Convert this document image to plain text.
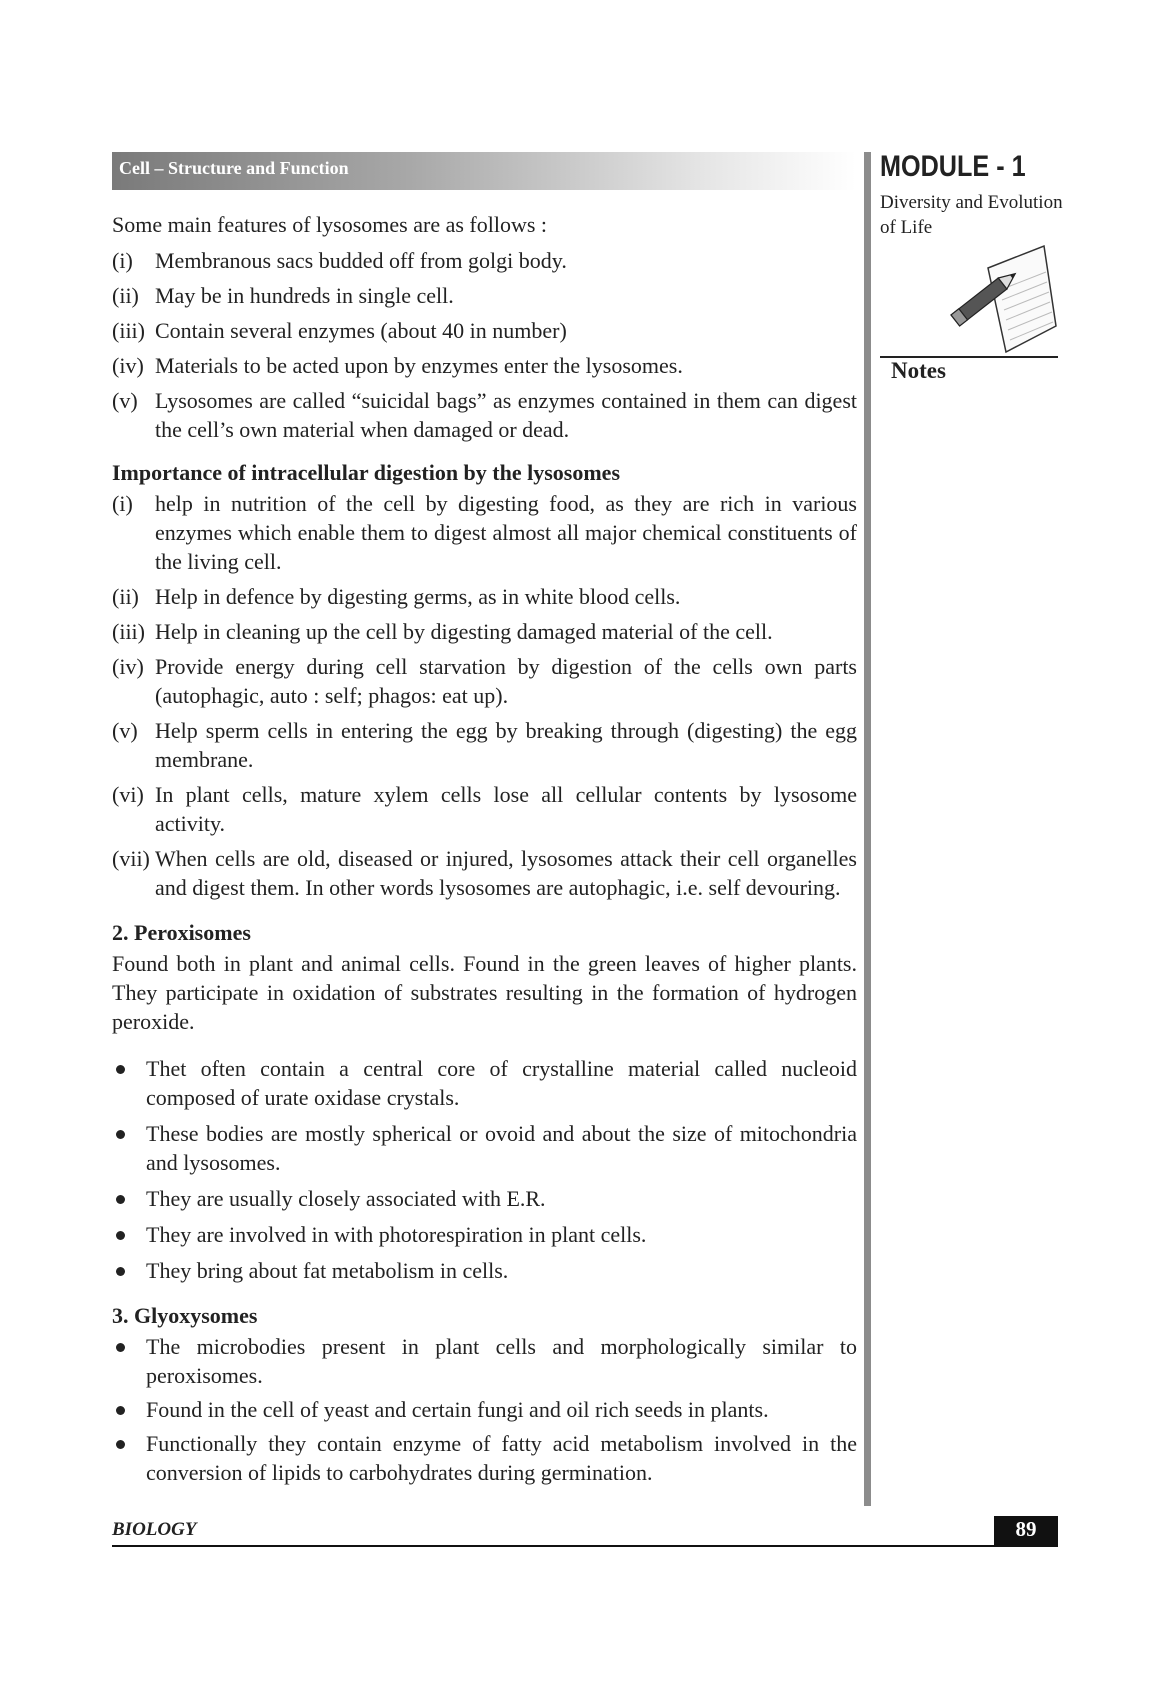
Cell – Structure and Function	MODULE - 1
Diversity and Evolution of Life
Notes

Some main features of lysosomes are as follows :

(i) Membranous sacs budded off from golgi body.
(ii) May be in hundreds in single cell.
(iii) Contain several enzymes (about 40 in number)
(iv) Materials to be acted upon by enzymes enter the lysosomes.
(v) Lysosomes are called “suicidal bags” as enzymes contained in them can digest the cell’s own material when damaged or dead.
Importance of intracellular digestion by the lysosomes
(i) help in nutrition of the cell by digesting food, as they are rich in various enzymes which enable them to digest almost all major chemical constituents of the living cell.
(ii) Help in defence by digesting germs, as in white blood cells.
(iii) Help in cleaning up the cell by digesting damaged material of the cell.
(iv) Provide energy during cell starvation by digestion of the cells own parts (autophagic, auto : self; phagos: eat up).
(v) Help sperm cells in entering the egg by breaking through (digesting) the egg membrane.
(vi) In plant cells, mature xylem cells lose all cellular contents by lysosome activity.
(vii) When cells are old, diseased or injured, lysosomes attack their cell organelles and digest them. In other words lysosomes are autophagic, i.e. self devouring.
2. Peroxisomes

Found both in plant and animal cells. Found in the green leaves of higher plants. They participate in oxidation of substrates resulting in the formation of hydrogen peroxide.

Thet often contain a central core of crystalline material called nucleoid composed of urate oxidase crystals.
These bodies are mostly spherical or ovoid and about the size of mitochondria and lysosomes.
They are usually closely associated with E.R.
They are involved in with photorespiration in plant cells.
They bring about fat metabolism in cells.
3. Glyoxysomes
The microbodies present in plant cells and morphologically similar to peroxisomes.
Found in the cell of yeast and certain fungi and oil rich seeds in plants.
Functionally they contain enzyme of fatty acid metabolism involved in the conversion of lipids to carbohydrates during germination.
BIOLOGY	89
